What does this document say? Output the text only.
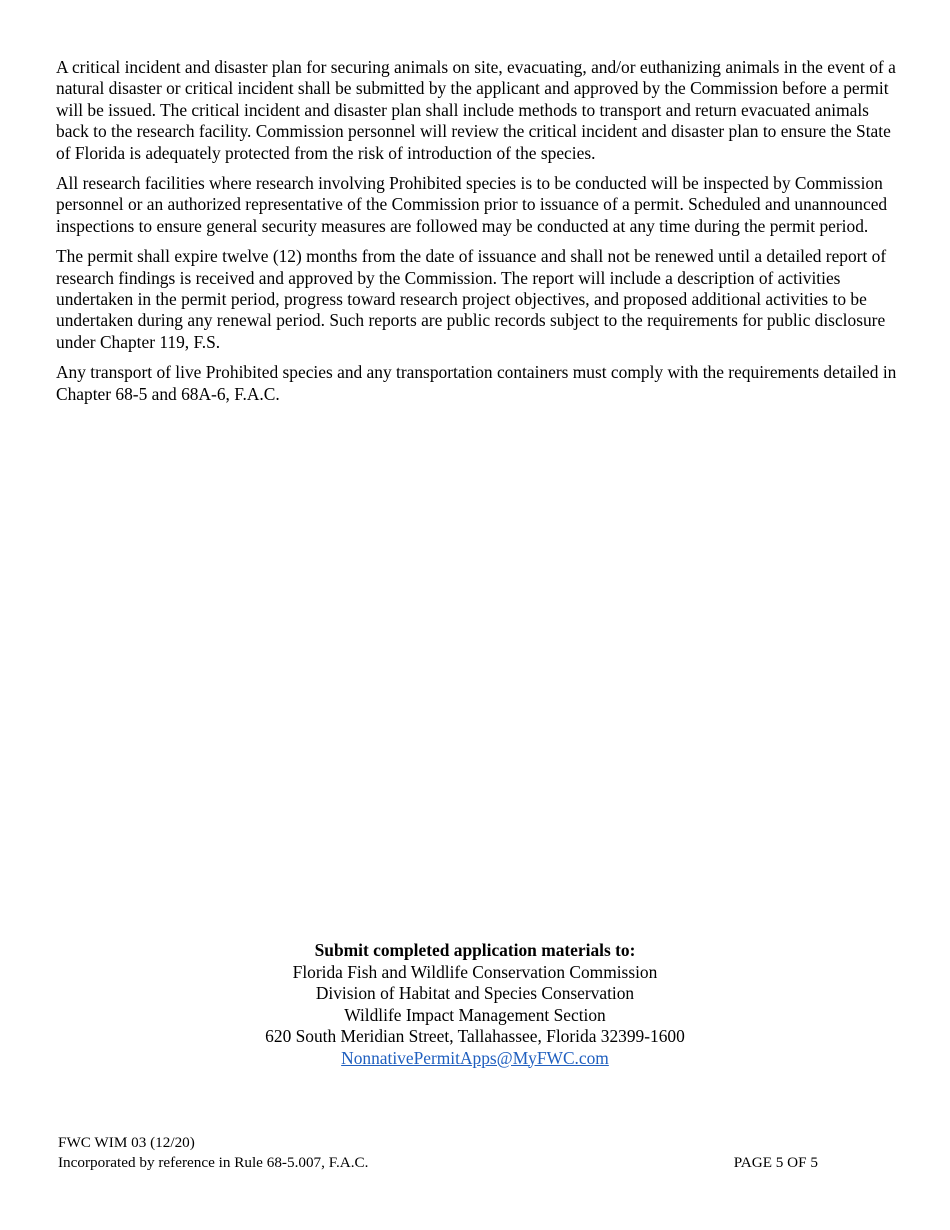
A critical incident and disaster plan for securing animals on site, evacuating, and/or euthanizing animals in the event of a natural disaster or critical incident shall be submitted by the applicant and approved by the Commission before a permit will be issued. The critical incident and disaster plan shall include methods to transport and return evacuated animals back to the research facility. Commission personnel will review the critical incident and disaster plan to ensure the State of Florida is adequately protected from the risk of introduction of the species.

All research facilities where research involving Prohibited species is to be conducted will be inspected by Commission personnel or an authorized representative of the Commission prior to issuance of a permit. Scheduled and unannounced inspections to ensure general security measures are followed may be conducted at any time during the permit period.

The permit shall expire twelve (12) months from the date of issuance and shall not be renewed until a detailed report of research findings is received and approved by the Commission. The report will include a description of activities undertaken in the permit period, progress toward research project objectives, and proposed additional activities to be undertaken during any renewal period. Such reports are public records subject to the requirements for public disclosure under Chapter 119, F.S.

Any transport of live Prohibited species and any transportation containers must comply with the requirements detailed in Chapter 68-5 and 68A-6, F.A.C.

Submit completed application materials to:
Florida Fish and Wildlife Conservation Commission
Division of Habitat and Species Conservation
Wildlife Impact Management Section
620 South Meridian Street, Tallahassee, Florida 32399-1600
NonnativePermitApps@MyFWC.com
FWC WIM 03 (12/20)
Incorporated by reference in Rule 68-5.007, F.A.C.	PAGE 5 OF 5
